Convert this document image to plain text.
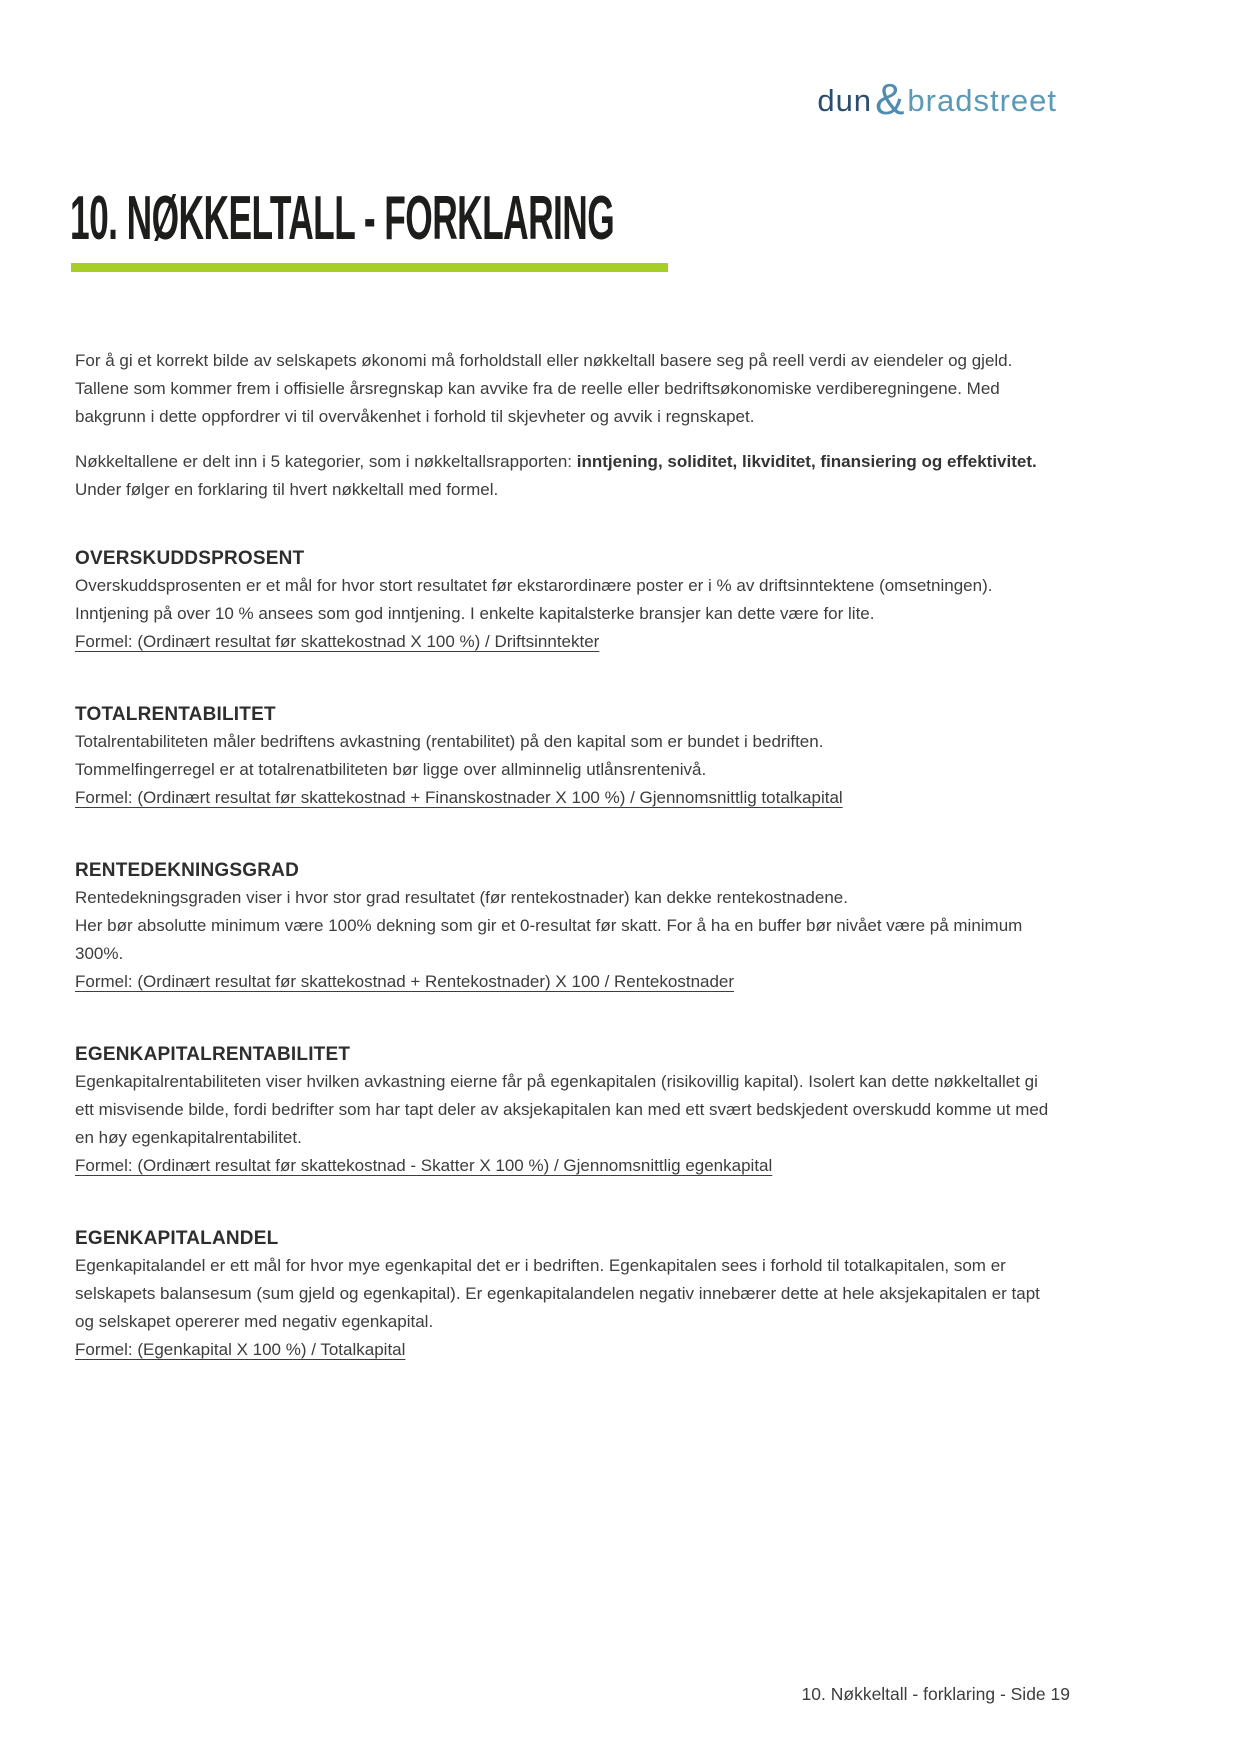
dun&bradstreet
10. NØKKELTALL - FORKLARING

For å gi et korrekt bilde av selskapets økonomi må forholdstall eller nøkkeltall basere seg på reell verdi av eiendeler og gjeld. Tallene som kommer frem i offisielle årsregnskap kan avvike fra de reelle eller bedriftsøkonomiske verdiberegningene. Med bakgrunn i dette oppfordrer vi til overvåkenhet i forhold til skjevheter og avvik i regnskapet.

Nøkkeltallene er delt inn i 5 kategorier, som i nøkkeltallsrapporten: inntjening, soliditet, likviditet, finansiering og effektivitet. Under følger en forklaring til hvert nøkkeltall med formel.

OVERSKUDDSPROSENT

Overskuddsprosenten er et mål for hvor stort resultatet før ekstarordinære poster er i % av driftsinntektene (omsetningen). Inntjening på over 10 % ansees som god inntjening. I enkelte kapitalsterke bransjer kan dette være for lite.

Formel: (Ordinært resultat før skattekostnad X 100 %) / Driftsinntekter

TOTALRENTABILITET

Totalrentabiliteten måler bedriftens avkastning (rentabilitet) på den kapital som er bundet i bedriften.

Tommelfingerregel er at totalrenatbiliteten bør ligge over allminnelig utlånsrentenivå.

Formel: (Ordinært resultat før skattekostnad + Finanskostnader X 100 %) / Gjennomsnittlig totalkapital

RENTEDEKNINGSGRAD

Rentedekningsgraden viser i hvor stor grad resultatet (før rentekostnader) kan dekke rentekostnadene.

Her bør absolutte minimum være 100% dekning som gir et 0-resultat før skatt. For å ha en buffer bør nivået være på minimum 300%.

Formel: (Ordinært resultat før skattekostnad + Rentekostnader) X 100 / Rentekostnader

EGENKAPITALRENTABILITET

Egenkapitalrentabiliteten viser hvilken avkastning eierne får på egenkapitalen (risikovillig kapital). Isolert kan dette nøkkeltallet gi ett misvisende bilde, fordi bedrifter som har tapt deler av aksjekapitalen kan med ett svært bedskjedent overskudd komme ut med en høy egenkapitalrentabilitet.

Formel: (Ordinært resultat før skattekostnad - Skatter X 100 %) / Gjennomsnittlig egenkapital

EGENKAPITALANDEL

Egenkapitalandel er ett mål for hvor mye egenkapital det er i bedriften. Egenkapitalen sees i forhold til totalkapitalen, som er selskapets balansesum (sum gjeld og egenkapital). Er egenkapitalandelen negativ innebærer dette at hele aksjekapitalen er tapt og selskapet opererer med negativ egenkapital.

Formel: (Egenkapital X 100 %) / Totalkapital

10. Nøkkeltall - forklaring - Side 19
